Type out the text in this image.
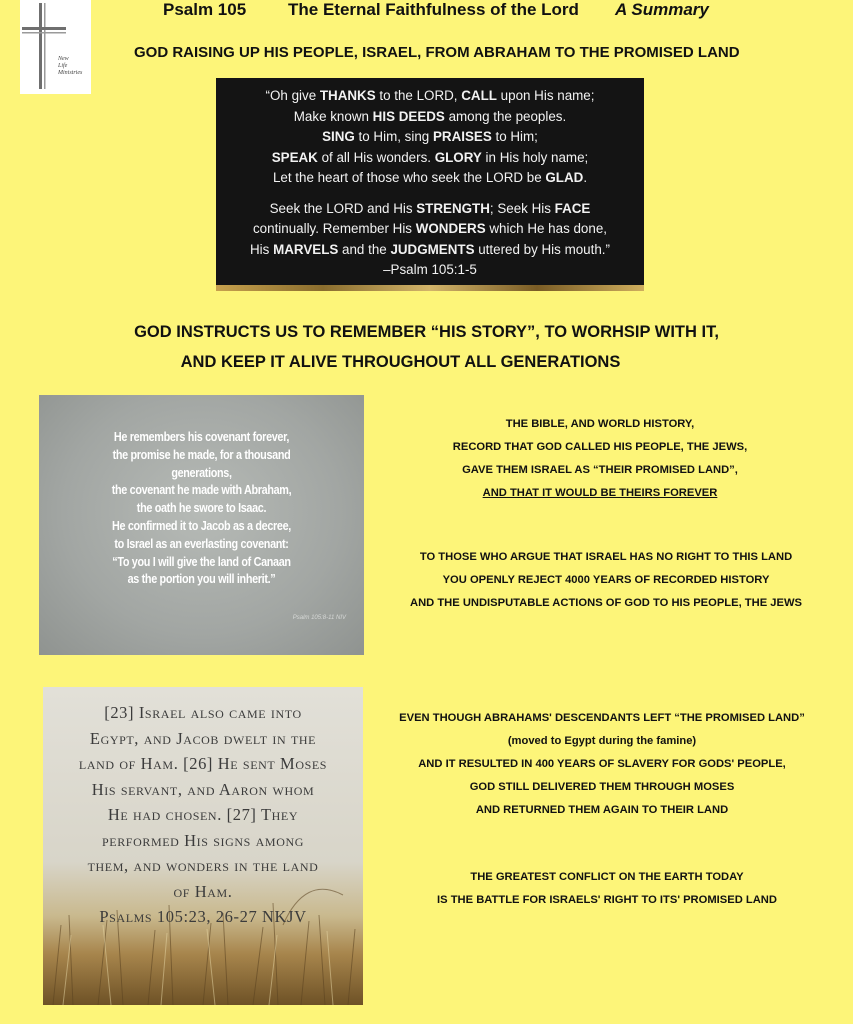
New
Life
Ministries
Psalm 105 The Eternal Faithfulness of the Lord A Summary
GOD RAISING UP HIS PEOPLE, ISRAEL, FROM ABRAHAM TO THE PROMISED LAND
“Oh give THANKS to the LORD, CALL upon His name;
Make known HIS DEEDS among the peoples.
SING to Him, sing PRAISES to Him;
SPEAK of all His wonders. GLORY in His holy name;
Let the heart of those who seek the LORD be GLAD.
Seek the LORD and His STRENGTH; Seek His FACE
continually. Remember His WONDERS which He has done,
His MARVELS and the JUDGMENTS uttered by His mouth.”
–Psalm 105:1-5
GOD INSTRUCTS US TO REMEMBER “HIS STORY”, TO WORHSIP WITH IT,
AND KEEP IT ALIVE THROUGHOUT ALL GENERATIONS
He remembers his covenant forever,
the promise he made, for a thousand
generations,
the covenant he made with Abraham,
the oath he swore to Isaac.
He confirmed it to Jacob as a decree,
to Israel as an everlasting covenant:
“To you I will give the land of Canaan
as the portion you will inherit.”
Psalm 105:8-11 NIV
THE BIBLE, AND WORLD HISTORY,
RECORD THAT GOD CALLED HIS PEOPLE, THE JEWS,
GAVE THEM ISRAEL AS “THEIR PROMISED LAND”,
AND THAT IT WOULD BE THEIRS FOREVER
TO THOSE WHO ARGUE THAT ISRAEL HAS NO RIGHT TO THIS LAND
YOU OPENLY REJECT 4000 YEARS OF RECORDED HISTORY
AND THE UNDISPUTABLE ACTIONS OF GOD TO HIS PEOPLE, THE JEWS
[23] Israel also came into
Egypt, and Jacob dwelt in the
land of Ham. [26] He sent Moses
His servant, and Aaron whom
He had chosen. [27] They
performed His signs among
them, and wonders in the land
of Ham.
Psalms 105:23, 26-27 NKJV
EVEN THOUGH ABRAHAMS' DESCENDANTS LEFT “THE PROMISED LAND”
(moved to Egypt during the famine)
AND IT RESULTED IN 400 YEARS OF SLAVERY FOR GODS' PEOPLE,
GOD STILL DELIVERED THEM THROUGH MOSES
AND RETURNED THEM AGAIN TO THEIR LAND
THE GREATEST CONFLICT ON THE EARTH TODAY
IS THE BATTLE FOR ISRAELS' RIGHT TO ITS' PROMISED LAND
